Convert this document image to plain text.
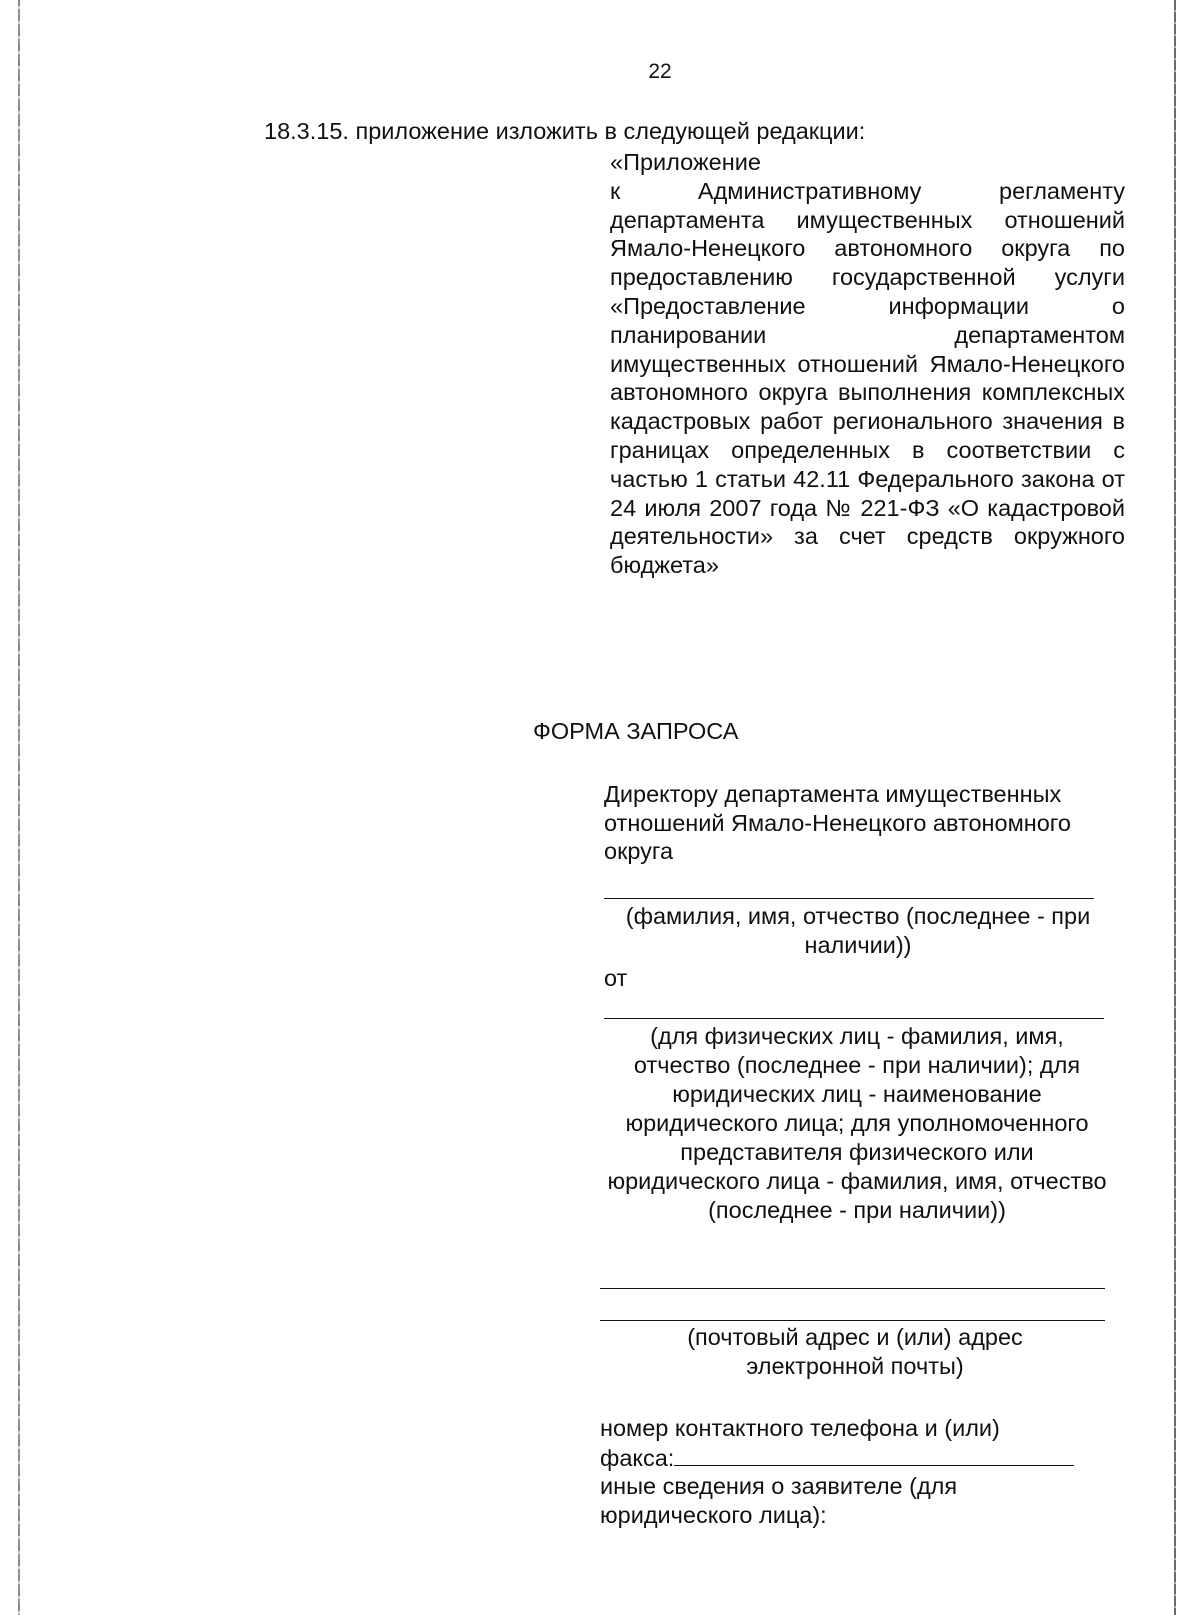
22
18.3.15. приложение изложить в следующей редакции:
«Приложение
к Административному регламенту департамента имущественных отношений Ямало-Ненецкого автономного округа по предоставлению государственной услуги «Предоставление информации о планировании департаментом имущественных отношений Ямало-Ненецкого автономного округа выполнения комплексных кадастровых работ регионального значения в границах определенных в соответствии с частью 1 статьи 42.11 Федерального закона от 24 июля 2007 года № 221-ФЗ «О кадастровой деятельности» за счет средств окружного бюджета»
ФОРМА ЗАПРОСА
Директору департамента имущественных отношений Ямало-Ненецкого автономного округа
(фамилия, имя, отчество (последнее - при наличии))
от
(для физических лиц - фамилия, имя, отчество (последнее - при наличии); для юридических лиц - наименование юридического лица; для уполномоченного представителя физического или юридического лица - фамилия, имя, отчество (последнее - при наличии))
(почтовый адрес и (или) адрес электронной почты)
номер контактного телефона и (или)
факса:
иные сведения о заявителе (для юридического лица):
